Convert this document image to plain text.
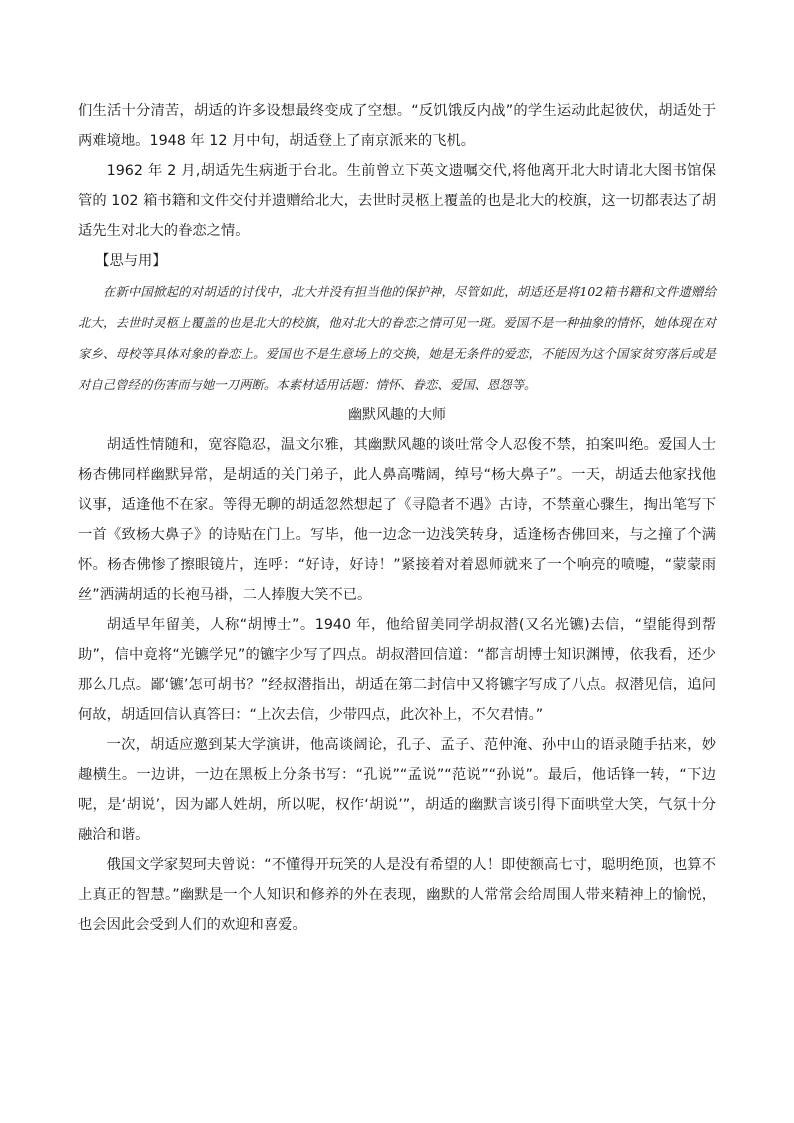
们生活十分清苦，胡适的许多设想最终变成了空想。“反饥饿反内战”的学生运动此起彼伏，胡适处于两难境地。1948 年 12 月中旬，胡适登上了南京派来的飞机。

1962 年 2 月,胡适先生病逝于台北。生前曾立下英文遗嘱交代,将他离开北大时请北大图书馆保管的 102 箱书籍和文件交付并遗赠给北大，去世时灵柩上覆盖的也是北大的校旗，这一切都表达了胡适先生对北大的眷恋之情。

【思与用】

在新中国掀起的对胡适的讨伐中，北大并没有担当他的保护神，尽管如此，胡适还是将102箱书籍和文件遗赠给北大，去世时灵柩上覆盖的也是北大的校旗，他对北大的眷恋之情可见一斑。爱国不是一种抽象的情怀，她体现在对家乡、母校等具体对象的眷恋上。爱国也不是生意场上的交换，她是无条件的爱恋，不能因为这个国家贫穷落后或是对自己曾经的伤害而与她一刀两断。本素材适用话题：情怀、眷恋、爱国、恩怨等。

幽默风趣的大师

胡适性情随和，宽容隐忍，温文尔雅，其幽默风趣的谈吐常令人忍俊不禁，拍案叫绝。爱国人士杨杏佛同样幽默异常，是胡适的关门弟子，此人鼻高嘴阔，绰号“杨大鼻子”。一天，胡适去他家找他议事，适逢他不在家。等得无聊的胡适忽然想起了《寻隐者不遇》古诗，不禁童心骤生，掏出笔写下一首《致杨大鼻子》的诗贴在门上。写毕，他一边念一边浅笑转身，适逢杨杏佛回来，与之撞了个满怀。杨杏佛惨了擦眼镜片，连呼：“好诗，好诗！”紧接着对着恩师就来了一个响亮的喷嚏，“蒙蒙雨丝”洒满胡适的长袍马褂，二人捧腹大笑不已。

胡适早年留美，人称“胡博士”。1940 年，他给留美同学胡叔潜(又名光镳)去信，“望能得到帮助”，信中竟将“光镳学兄”的镳字少写了四点。胡叔潜回信道：“都言胡博士知识渊博，依我看，还少那么几点。鄙‘镳’怎可胡书？”经叔潜指出，胡适在第二封信中又将镳字写成了八点。叔潜见信，追问何故，胡适回信认真答曰：“上次去信，少带四点，此次补上，不欠君情。”

一次，胡适应邀到某大学演讲，他高谈阔论，孔子、孟子、范仲淹、孙中山的语录随手拈来，妙趣横生。一边讲，一边在黑板上分条书写：“孔说”“孟说”“范说”“孙说”。最后，他话锋一转，“下边呢，是‘胡说’，因为鄙人姓胡，所以呢，权作‘胡说’”，胡适的幽默言谈引得下面哄堂大笑，气氛十分融洽和谐。

俄国文学家契珂夫曾说：“不懂得开玩笑的人是没有希望的人！即使额高七寸，聪明绝顶，也算不上真正的智慧。”幽默是一个人知识和修养的外在表现，幽默的人常常会给周围人带来精神上的愉悦，也会因此会受到人们的欢迎和喜爱。
